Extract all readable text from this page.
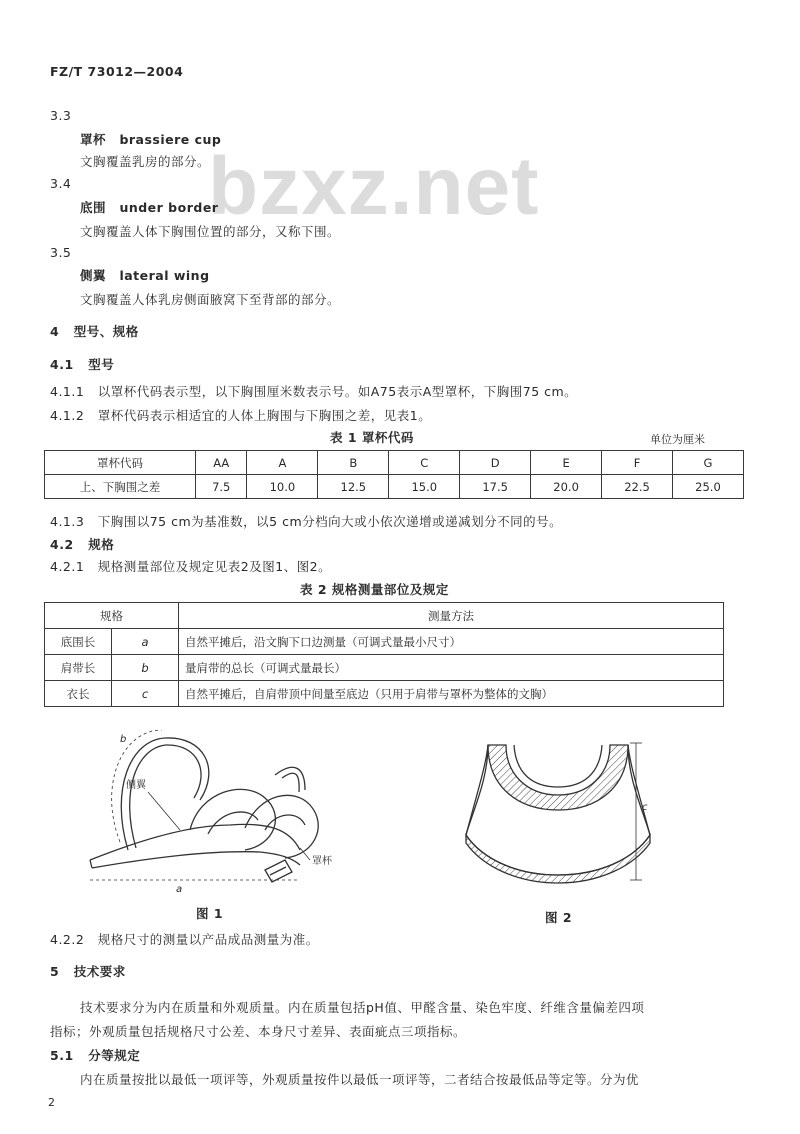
FZ/T 73012—2004
bzxz.net
3.3
罩杯 brassiere cup
文胸覆盖乳房的部分。
3.4
底围 under border
文胸覆盖人体下胸围位置的部分，又称下围。
3.5
侧翼 lateral wing
文胸覆盖人体乳房侧面腋窝下至背部的部分。
4 型号、规格
4.1 型号
4.1.1 以罩杯代码表示型，以下胸围厘米数表示号。如A75表示A型罩杯，下胸围75 cm。
4.1.2 罩杯代码表示相适宜的人体上胸围与下胸围之差，见表1。
表 1 罩杯代码	单位为厘米
罩杯代码	AA	A	B	C	D	E	F	G
上、下胸围之差	7.5	10.0	12.5	15.0	17.5	20.0	22.5	25.0
4.1.3 下胸围以75 cm为基准数，以5 cm分档向大或小依次递增或递减划分不同的号。
4.2 规格
4.2.1 规格测量部位及规定见表2及图1、图2。
表 2 规格测量部位及规定
规格		测量方法
底围长	a	自然平摊后，沿文胸下口边测量（可调式量最小尺寸）
肩带长	b	量肩带的总长（可调式量最长）
衣长	c	自然平摊后，自肩带顶中间量至底边（只用于肩带与罩杯为整体的文胸）
侧翼
罩杯
b
a
图 1
c
图 2
4.2.2 规格尺寸的测量以产品成品测量为准。
5 技术要求
技术要求分为内在质量和外观质量。内在质量包括pH值、甲醛含量、染色牢度、纤维含量偏差四项
指标；外观质量包括规格尺寸公差、本身尺寸差异、表面疵点三项指标。
5.1 分等规定
内在质量按批以最低一项评等，外观质量按件以最低一项评等，二者结合按最低品等定等。分为优
2
